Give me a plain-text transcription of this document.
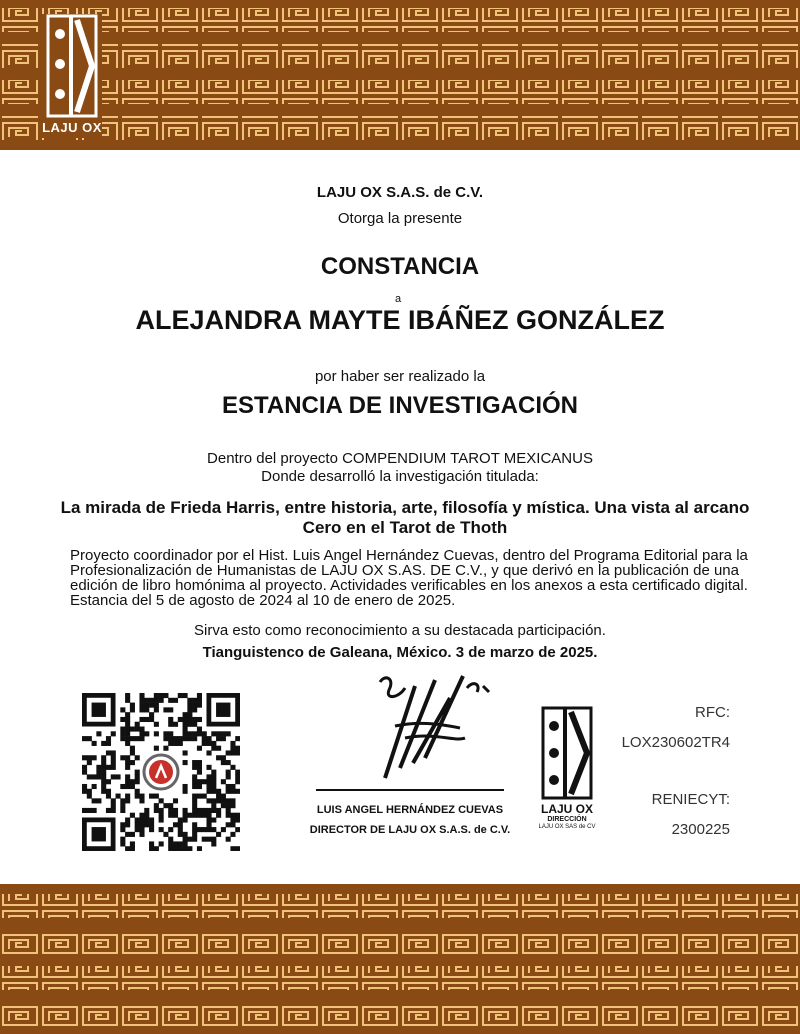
LAJU OX
LAJU OX S.A.S. de C.V.
Otorga la presente
CONSTANCIA
a
ALEJANDRA MAYTE IBÁÑEZ GONZÁLEZ
por haber ser realizado la
ESTANCIA DE INVESTIGACIÓN
Dentro del proyecto COMPENDIUM TAROT MEXICANUS
Donde desarrolló la investigación titulada:
La mirada de Frieda Harris, entre historia, arte, filosofía y mística. Una vista al arcano Cero en el Tarot de Thoth
Proyecto coordinador por el Hist. Luis Angel Hernández Cuevas, dentro del Programa Editorial para la Profesionalización de Humanistas de LAJU OX S.AS. DE C.V., y que derivó en la publicación de una edición de libro homónima al proyecto. Actividades verificables en los anexos a esta certificado digital. Estancia del 5 de agosto de 2024 al 10 de enero de 2025.
Sirva esto como reconocimiento a su destacada participación.
Tianguistenco de Galeana, México. 3 de marzo de 2025.
LUIS ANGEL HERNÁNDEZ CUEVAS
DIRECTOR DE LAJU OX S.A.S. de C.V.
LAJU OX
DIRECCIÓN
LAJU OX SAS de CV
RFC:
LOX230602TR4
RENIECYT:
2300225
